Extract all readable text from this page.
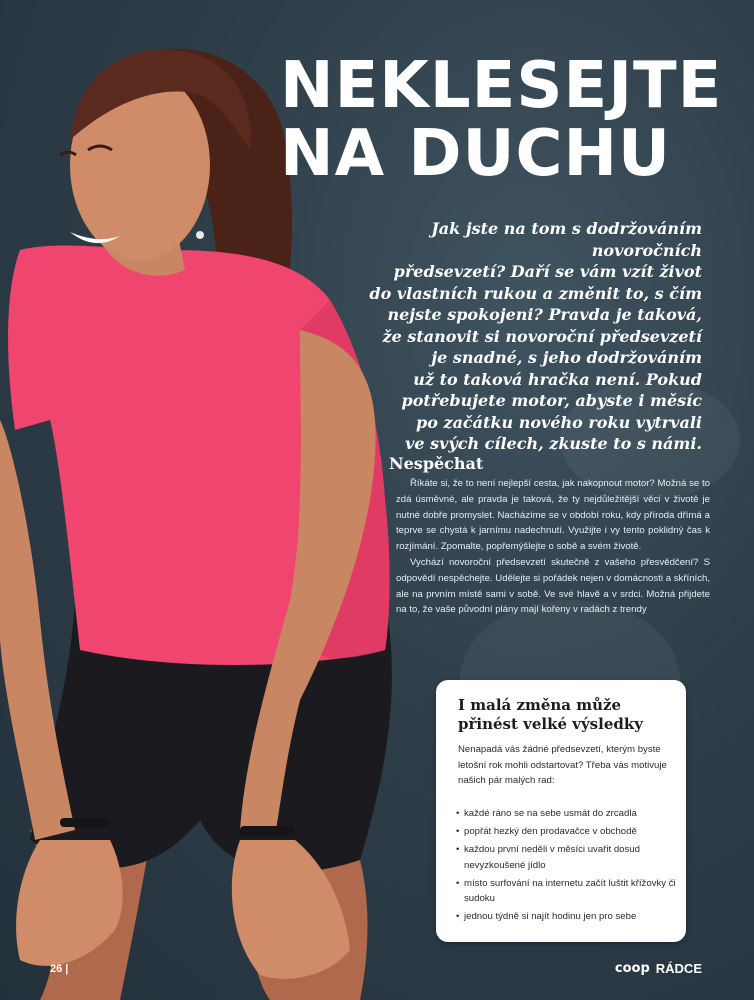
NEKLESEJTE
NA DUCHU
Jak jste na tom s dodržováním novoročních
předsevzetí? Daří se vám vzít život
do vlastních rukou a změnit to, s čím
nejste spokojeni? Pravda je taková,
že stanovit si novoroční předsevzetí
je snadné, s jeho dodržováním
už to taková hračka není. Pokud
potřebujete motor, abyste i měsíc
po začátku nového roku vytrvali
ve svých cílech, zkuste to s námi.
Nespěchat

Říkáte si, že to není nejlepší cesta, jak nakopnout motor? Možná se to zdá úsměvné, ale pravda je taková, že ty nejdůležitější věci v životě je nutné dobře promyslet. Nacházíme se v období roku, kdy příroda dřímá a teprve se chystá k jarnímu nadechnutí. Využijte i vy tento poklidný čas k rozjímání. Zpomalte, popřemýšlejte o sobě a svém životě.

Vychází novoroční předsevzetí skutečně z vašeho přesvědčení? S odpovědí nespěchejte. Udělejte si pořádek nejen v domácnosti a skříních, ale na prvním místě sami v sobě. Ve své hlavě a v srdci. Možná přijdete na to, že vaše původní plány mají kořeny v radách z trendy

I malá změna může přinést velké výsledky
Nenapadá vás žádné předsevzetí, kterým byste letošní rok mohli odstartovat? Třeba vás motivuje našich pár malých rad:
• každé ráno se na sebe usmát do zrcadla
• popřát hezký den prodavačce v obchodě
• každou první neděli v měsíci uvařit dosud nevyzkoušené jídlo
• místo surfování na internetu začít luštit křížovky či sudoku
• jednou týdně si najít hodinu jen pro sebe
26 |	coop RÁDCE
